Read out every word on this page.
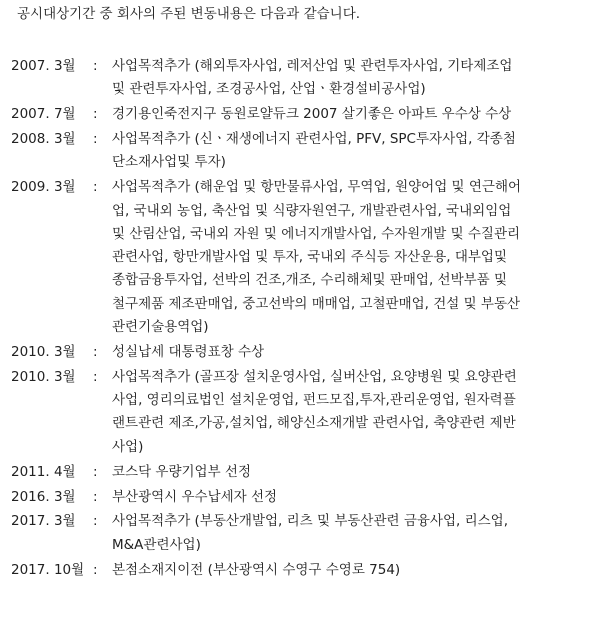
공시대상기간 중 회사의 주된 변동내용은 다음과 같습니다.
2007. 3월	:	사업목적추가 (해외투자사업, 레저산업 및 관련투자사업, 기타제조업
및 관련투자사업, 조경공사업, 산업ㆍ환경설비공사업)
2007. 7월	:	경기용인죽전지구 동원로얄듀크 2007 살기좋은 아파트 우수상 수상
2008. 3월	:	사업목적추가 (신ㆍ재생에너지 관련사업, PFV, SPC투자사업, 각종첨
단소재사업및 투자)
2009. 3월	:	사업목적추가 (해운업 및 항만물류사업, 무역업, 원양어업 및 연근해어
업, 국내외 농업, 축산업 및 식량자원연구, 개발관련사업, 국내외임업
및 산림산업, 국내외 자원 및 에너지개발사업, 수자원개발 및 수질관리
관련사업, 항만개발사업 및 투자, 국내외 주식등 자산운용, 대부업및
종합금융투자업, 선박의 건조,개조, 수리해체및 판매업, 선박부품 및
철구제품 제조판매업, 중고선박의 매매업, 고철판매업, 건설 및 부동산
관련기술용역업)
2010. 3월	:	성실납세 대통령표창 수상
2010. 3월	:	사업목적추가 (골프장 설치운영사업, 실버산업, 요양병원 및 요양관련
사업, 영리의료법인 설치운영업, 펀드모집,투자,관리운영업, 원자력플
랜트관련 제조,가공,설치업, 해양신소재개발 관련사업, 축양관련 제반
사업)
2011. 4월	:	코스닥 우량기업부 선정
2016. 3월	:	부산광역시 우수납세자 선정
2017. 3월	:	사업목적추가 (부동산개발업, 리츠 및 부동산관련 금융사업, 리스업,
M&A관련사업)
2017. 10월 :	본점소재지이전 (부산광역시 수영구 수영로 754)
